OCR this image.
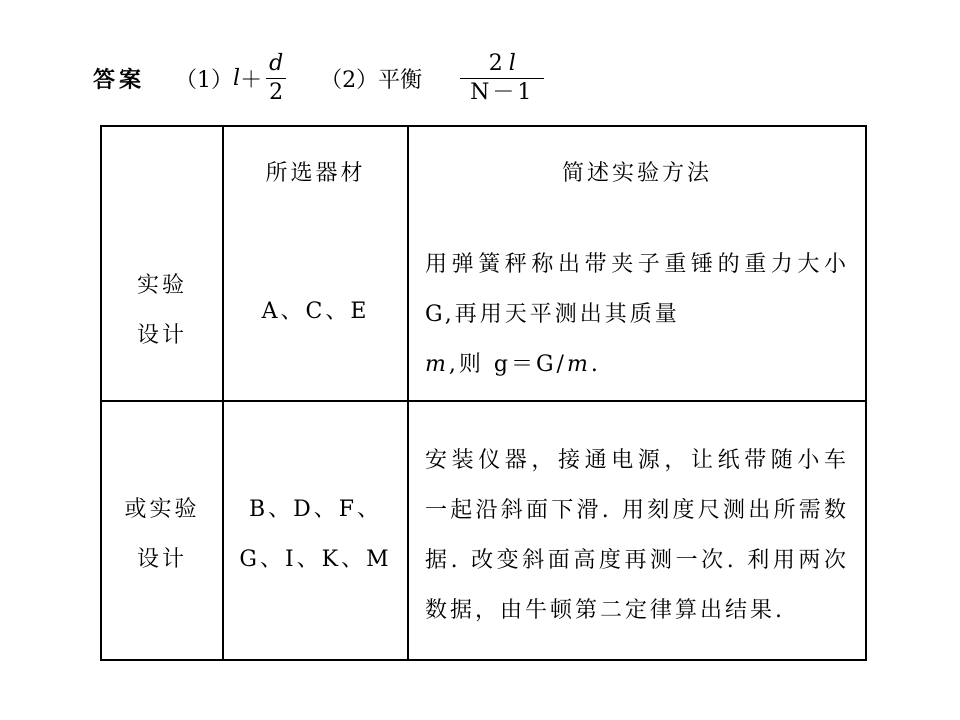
答案 （1） $l + \frac{d}{2} (2)$平衡 $\frac{2l}{N-1}$
所选器材	简述实验方法
实验
设计
A、C、E

用弹簧秤称出带夹子重锤的重力大小 G,再用天平测出其质量
m,则 g＝G/m.

或实验
设计
B、D、F、
G、I、K、M

安装仪器，接通电源，让纸带随小车一起沿斜面下滑. 用刻度尺测出所需数据. 改变斜面高度再测一次. 利用两次数据，由牛顿第二定律算出结果.
